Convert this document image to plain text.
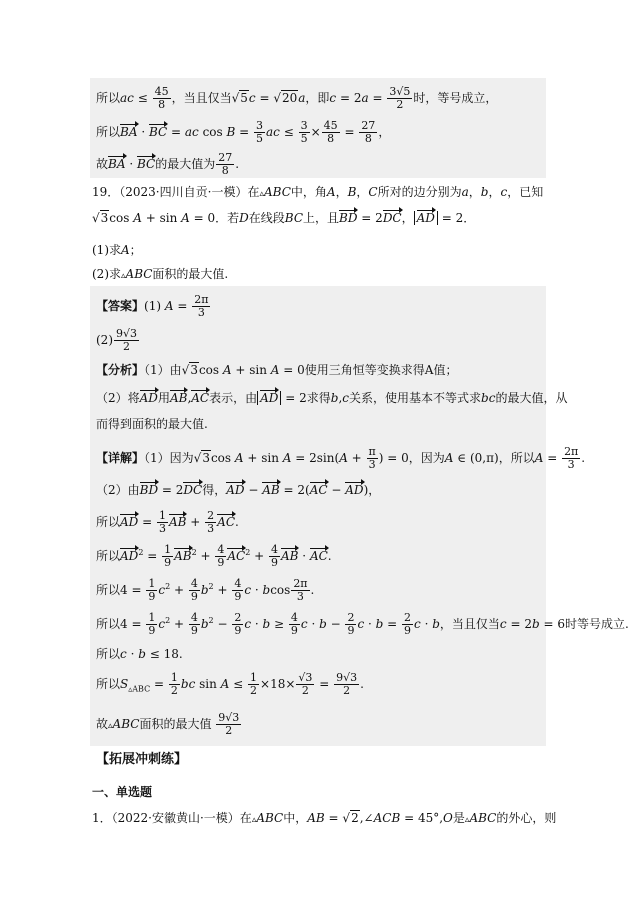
所以ac ≤ $\frac{45}{8}$ ，当且仅当√5c = √20a，即$c = 2a = \frac{3√5}{2}$ 时，等号成立，
所以BA · BC = ac $\cos B = \frac{3}{5}$ ac ≤ $\frac{3}{5} \times \frac{45}{8} = \frac{27}{8}$ ，
故BA · BC的最大值为 $\frac{27}{8}$ .
19．（2023·四川自贡·一模）在▵ABC中，角A，B，C所对的边分别为a，b，c，已知
√3cos A + sin A = 0．若D在线段BC上，且BD = 2DC， AD = 2．
(1)求A；
(2)求▵ABC面积的最大值.
【答案】(1) $A = \frac{2\pi}{3}$
$(2) \frac{9√3}{2}$
【分析】（1）由√3cos A + sin A = 0使用三角恒等变换求得A值；
（2）将AD用AB,AC表示，由 AD = 2求得b,c关系，使用基本不等式求bc的最大值，从
而得到面积的最大值.
【详解】（1）因为√3cos $A + \sin A = 2\sin(A + \frac{\pi}{3}$ ) = 0，因为A ∈ (0,π)，所以$A = \frac{2\pi}{3}$ .
（2）由BD = 2DC得，AD − AB = 2(AC − AD)，
所以AD = $\frac{1}{3}$ AB + $\frac{2}{3}$ AC.
所以$AD^2 = \frac{1}{9} AB^2 + \frac{4}{9} AC^2 + \frac{4}{9}$ AB · AC.
所以$4 = \frac{1}{9} c^2 + \frac{4}{9} b^2 + \frac{4}{9}$ c · bcos $\frac{2\pi}{3}$ .
所以$4 = \frac{1}{9} c^2 + \frac{4}{9} b^2 - \frac{2}{9}$ $c \cdot b \ge \frac{4}{9}$ $c \cdot b - \frac{2}{9}$ $c \cdot b = \frac{2}{9}$ c · b，当且仅当c = 2b = 6时等号成立.
所以c · b ≤ 18.
所以$S_{▵ABC} = \frac{1}{2}$ bc $\sin A \le \frac{1}{2} \times 18\times \frac{√3}{2} = \frac{9√3}{2}$ .
故▵ABC面积的最大值 $\frac{9√3}{2}$
【拓展冲刺练】
一、单选题
1．（2022·安徽黄山·一模）在▵ABC中，AB = √2,∠ACB = 45°,O是▵ABC的外心，则
